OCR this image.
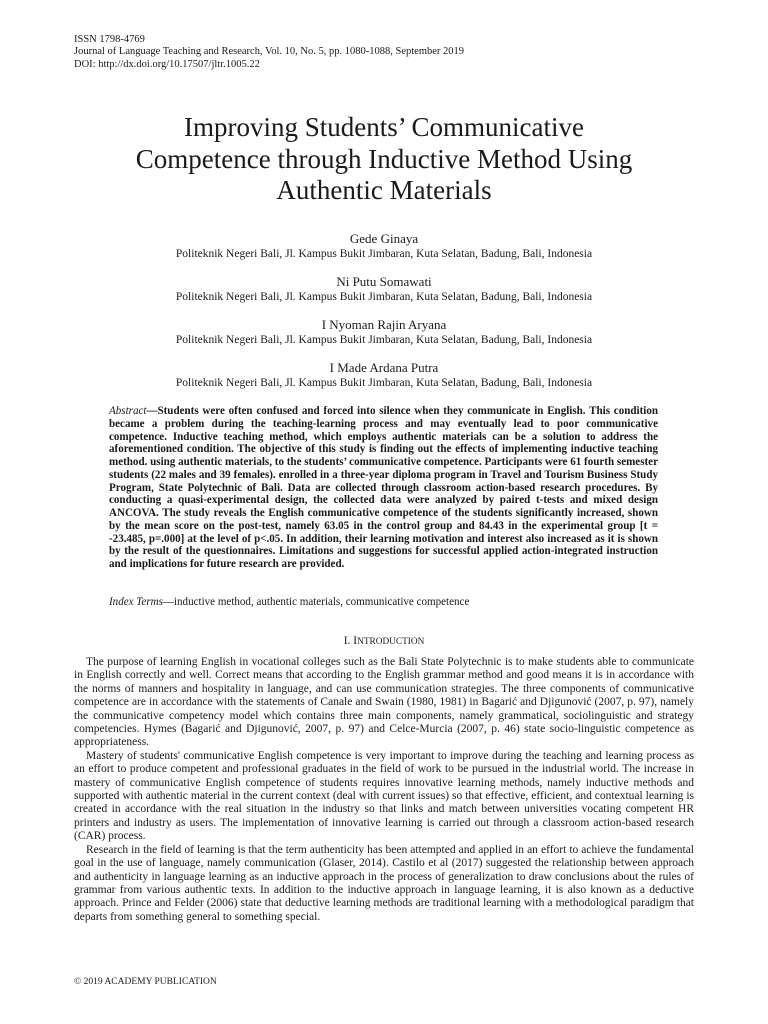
ISSN 1798-4769
Journal of Language Teaching and Research, Vol. 10, No. 5, pp. 1080-1088, September 2019
DOI: http://dx.doi.org/10.17507/jltr.1005.22
Improving Students’ Communicative
Competence through Inductive Method Using
Authentic Materials
Gede Ginaya
Politeknik Negeri Bali, Jl. Kampus Bukit Jimbaran, Kuta Selatan, Badung, Bali, Indonesia
Ni Putu Somawati
Politeknik Negeri Bali, Jl. Kampus Bukit Jimbaran, Kuta Selatan, Badung, Bali, Indonesia
I Nyoman Rajin Aryana
Politeknik Negeri Bali, Jl. Kampus Bukit Jimbaran, Kuta Selatan, Badung, Bali, Indonesia
I Made Ardana Putra
Politeknik Negeri Bali, Jl. Kampus Bukit Jimbaran, Kuta Selatan, Badung, Bali, Indonesia
Abstract—Students were often confused and forced into silence when they communicate in English. This condition became a problem during the teaching-learning process and may eventually lead to poor communicative competence. Inductive teaching method, which employs authentic materials can be a solution to address the aforementioned condition. The objective of this study is finding out the effects of implementing inductive teaching method. using authentic materials, to the students’ communicative competence. Participants were 61 fourth semester students (22 males and 39 females). enrolled in a three-year diploma program in Travel and Tourism Business Study Program, State Polytechnic of Bali. Data are collected through classroom action-based research procedures. By conducting a quasi-experimental design, the collected data were analyzed by paired t-tests and mixed design ANCOVA. The study reveals the English communicative competence of the students significantly increased, shown by the mean score on the post-test, namely 63.05 in the control group and 84.43 in the experimental group [t = -23.485, p=.000] at the level of p<.05. In addition, their learning motivation and interest also increased as it is shown by the result of the questionnaires. Limitations and suggestions for successful applied action-integrated instruction and implications for future research are provided.
Index Terms—inductive method, authentic materials, communicative competence
I. INTRODUCTION

The purpose of learning English in vocational colleges such as the Bali State Polytechnic is to make students able to communicate in English correctly and well. Correct means that according to the English grammar method and good means it is in accordance with the norms of manners and hospitality in language, and can use communication strategies. The three components of communicative competence are in accordance with the statements of Canale and Swain (1980, 1981) in Bagarić and Djigunović (2007, p. 97), namely the communicative competency model which contains three main components, namely grammatical, sociolinguistic and strategy competencies. Hymes (Bagarić and Djigunović, 2007, p. 97) and Celce-Murcia (2007, p. 46) state socio-linguistic competence as appropriateness.

Mastery of students' communicative English competence is very important to improve during the teaching and learning process as an effort to produce competent and professional graduates in the field of work to be pursued in the industrial world. The increase in mastery of communicative English competence of students requires innovative learning methods, namely inductive methods and supported with authentic material in the current context (deal with current issues) so that effective, efficient, and contextual learning is created in accordance with the real situation in the industry so that links and match between universities vocating competent HR printers and industry as users. The implementation of innovative learning is carried out through a classroom action-based research (CAR) process.

Research in the field of learning is that the term authenticity has been attempted and applied in an effort to achieve the fundamental goal in the use of language, namely communication (Glaser, 2014). Castilo et al (2017) suggested the relationship between approach and authenticity in language learning as an inductive approach in the process of generalization to draw conclusions about the rules of grammar from various authentic texts. In addition to the inductive approach in language learning, it is also known as a deductive approach. Prince and Felder (2006) state that deductive learning methods are traditional learning with a methodological paradigm that departs from something general to something special.

© 2019 ACADEMY PUBLICATION
